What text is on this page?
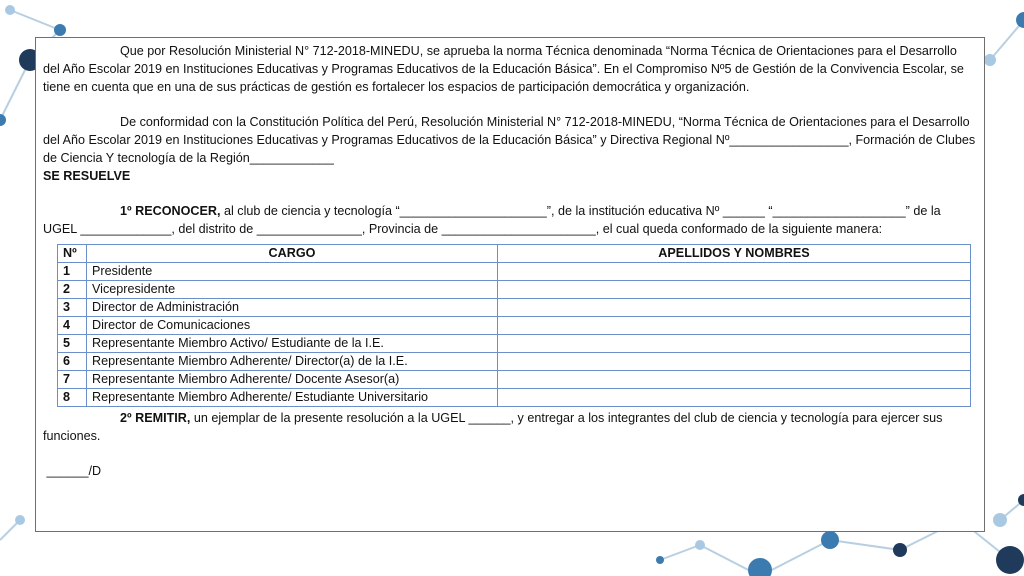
Que por Resolución Ministerial N° 712-2018-MINEDU, se aprueba la norma Técnica denominada “Norma Técnica de Orientaciones para el Desarrollo del Año Escolar 2019 en Instituciones Educativas y Programas Educativos de la Educación Básica”. En el Compromiso Nº5 de Gestión de la Convivencia Escolar, se tiene en cuenta que en una de sus prácticas de gestión es fortalecer los espacios de participación democrática y organización.

De conformidad con la Constitución Política del Perú, Resolución Ministerial N° 712-2018-MINEDU, “Norma Técnica de Orientaciones para el Desarrollo del Año Escolar 2019 en Instituciones Educativas y Programas Educativos de la Educación Básica” y Directiva Regional Nº_________________, Formación de Clubes de Ciencia Y tecnología de la Región____________

SE RESUELVE

1º RECONOCER, al club de ciencia y tecnología “_____________________”, de la institución educativa Nº ______ “___________________” de la UGEL _____________, del distrito de _______________, Provincia de ______________________, el cual queda conformado de la siguiente manera:

Nº	CARGO	APELLIDOS Y NOMBRES
1	Presidente	
2	Vicepresidente	
3	Director de Administración	
4	Director de Comunicaciones	
5	Representante Miembro Activo/ Estudiante de la I.E.	
6	Representante Miembro Adherente/ Director(a) de la I.E.	
7	Representante Miembro Adherente/ Docente Asesor(a)	
8	Representante Miembro Adherente/ Estudiante Universitario	

2º REMITIR, un ejemplar de la presente resolución a la UGEL ______, y entregar a los integrantes del club de ciencia y tecnología para ejercer sus funciones.

______/D
